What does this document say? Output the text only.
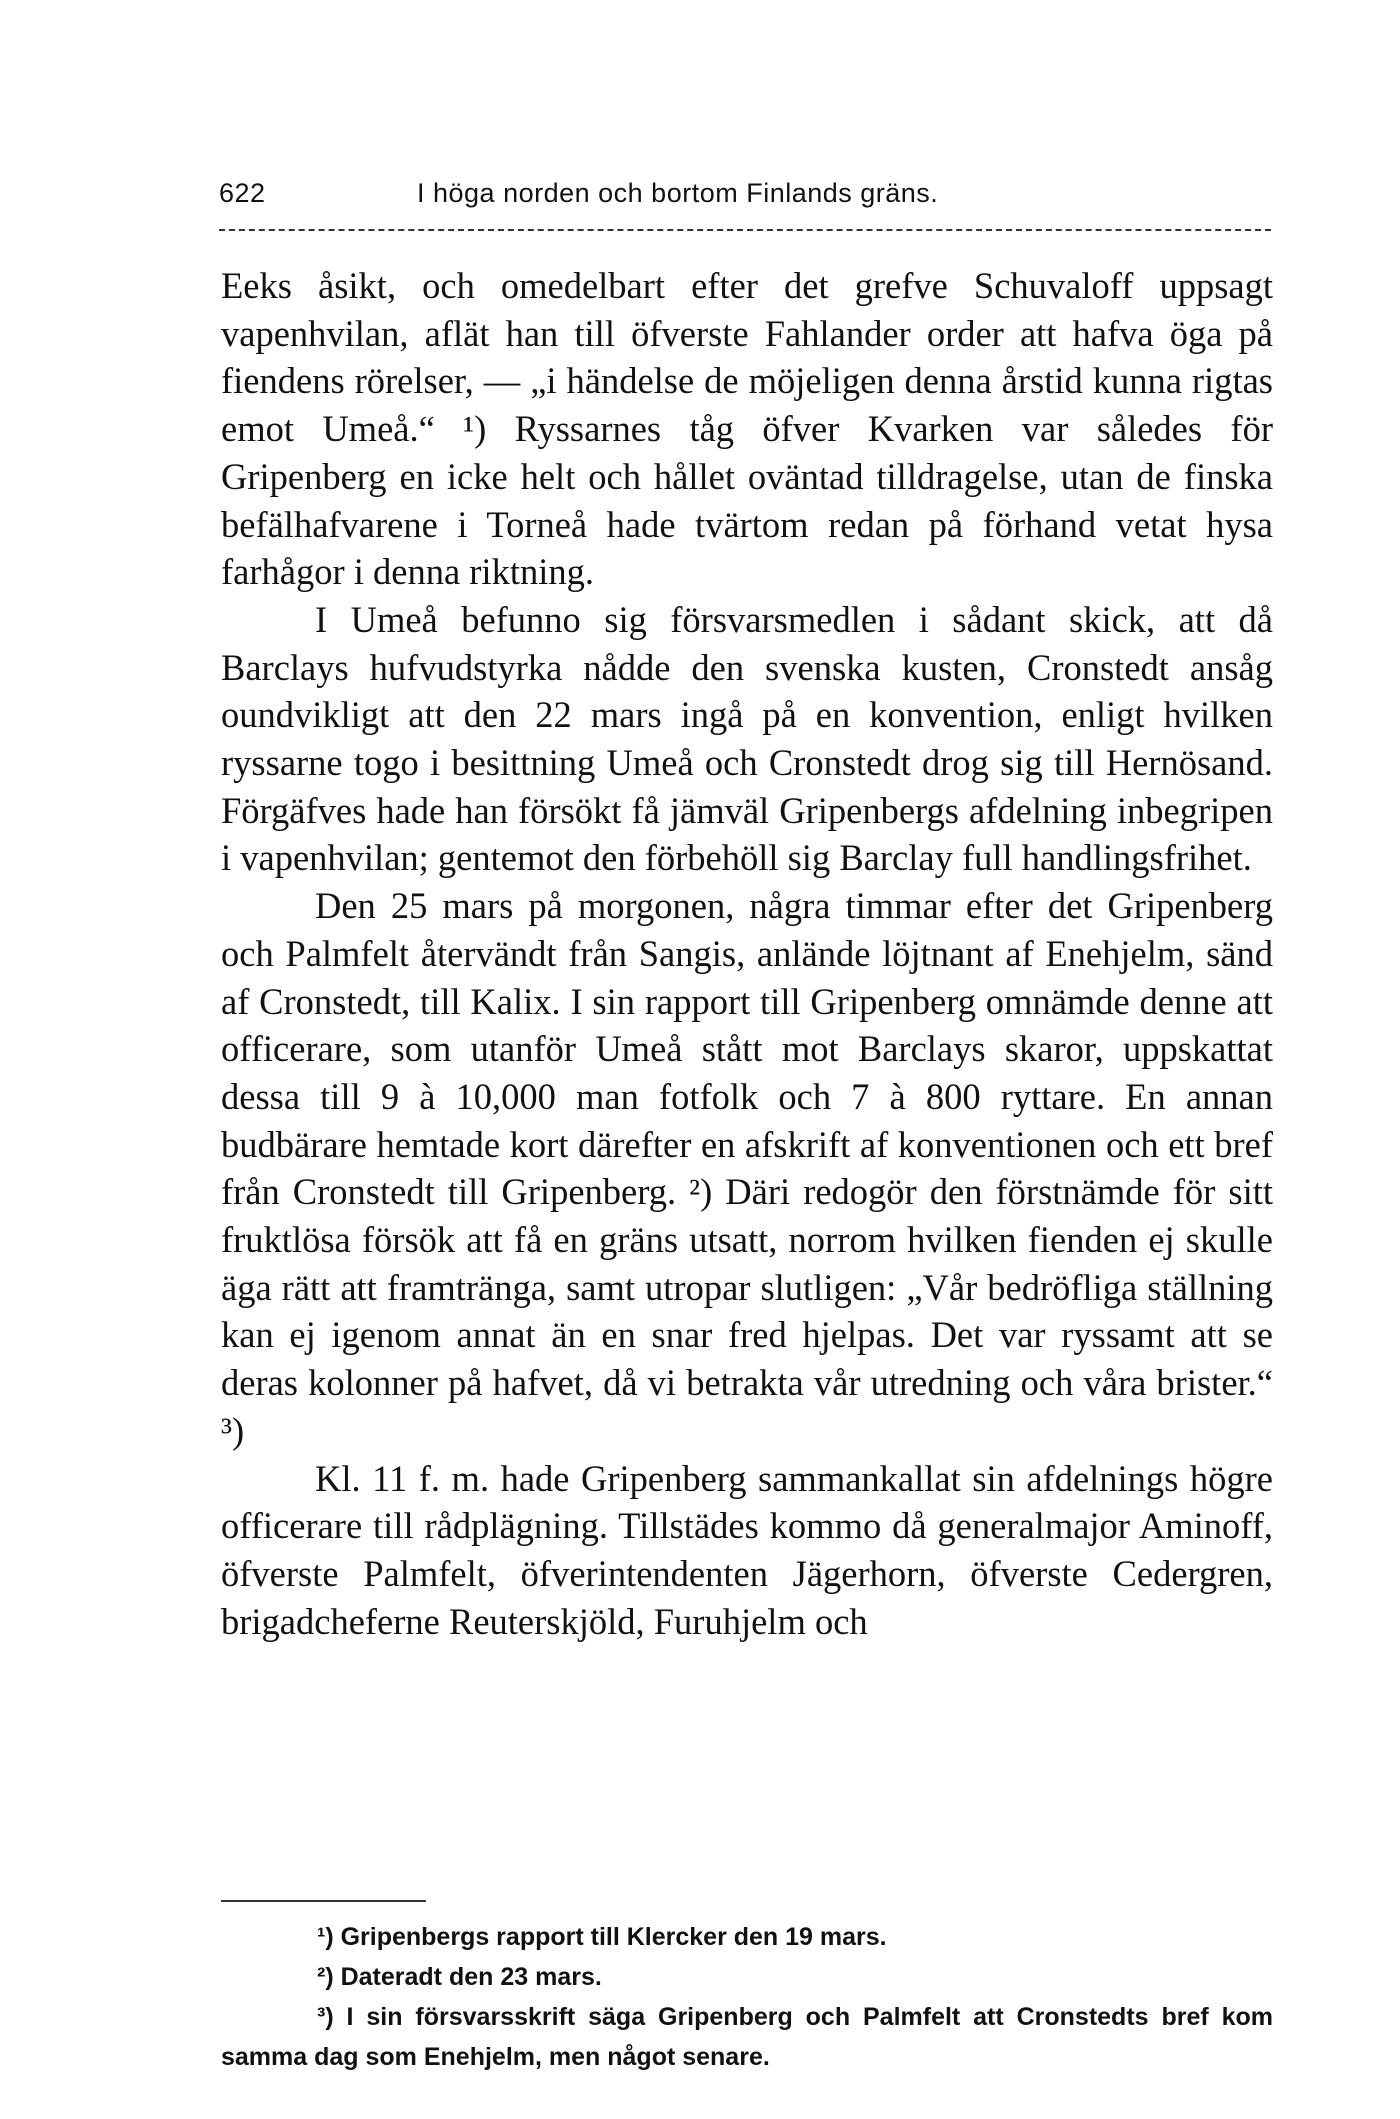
622	I höga norden och bortom Finlands gräns.

Eeks åsikt, och omedelbart efter det grefve Schuvaloff uppsagt vapenhvilan, aflät han till öfverste Fahlander order att hafva öga på fiendens rörelser, — „i händelse de möjeligen denna årstid kunna rigtas emot Umeå.“ ¹) Ryssarnes tåg öfver Kvarken var således för Gripenberg en icke helt och hållet oväntad tilldragelse, utan de finska befälhafvarene i Torneå hade tvärtom redan på förhand vetat hysa farhågor i denna riktning.

I Umeå befunno sig försvarsmedlen i sådant skick, att då Barclays hufvudstyrka nådde den svenska kusten, Cronstedt ansåg oundvikligt att den 22 mars ingå på en konvention, enligt hvilken ryssarne togo i besittning Umeå och Cronstedt drog sig till Hernösand. Förgäfves hade han försökt få jämväl Gripenbergs afdelning inbegripen i vapenhvilan; gentemot den förbehöll sig Barclay full handlingsfrihet.

Den 25 mars på morgonen, några timmar efter det Gripenberg och Palmfelt återvändt från Sangis, anlände löjtnant af Enehjelm, sänd af Cronstedt, till Kalix. I sin rapport till Gripenberg omnämde denne att officerare, som utanför Umeå stått mot Barclays skaror, uppskattat dessa till 9 à 10,000 man fotfolk och 7 à 800 ryttare. En annan budbärare hemtade kort därefter en afskrift af konventionen och ett bref från Cronstedt till Gripenberg. ²) Däri redogör den förstnämde för sitt fruktlösa försök att få en gräns utsatt, norrom hvilken fienden ej skulle äga rätt att framtränga, samt utropar slutligen: „Vår bedröfliga ställning kan ej igenom annat än en snar fred hjelpas. Det var ryssamt att se deras kolonner på hafvet, då vi betrakta vår utredning och våra brister.“ ³)

Kl. 11 f. m. hade Gripenberg sammankallat sin afdelnings högre officerare till rådplägning. Tillstädes kommo då generalmajor Aminoff, öfverste Palmfelt, öfverintendenten Jägerhorn, öfverste Cedergren, brigadcheferne Reuterskjöld, Furuhjelm och

¹) Gripenbergs rapport till Klercker den 19 mars.

²) Dateradt den 23 mars.

³) I sin försvarsskrift säga Gripenberg och Palmfelt att Cronstedts bref kom samma dag som Enehjelm, men något senare.
